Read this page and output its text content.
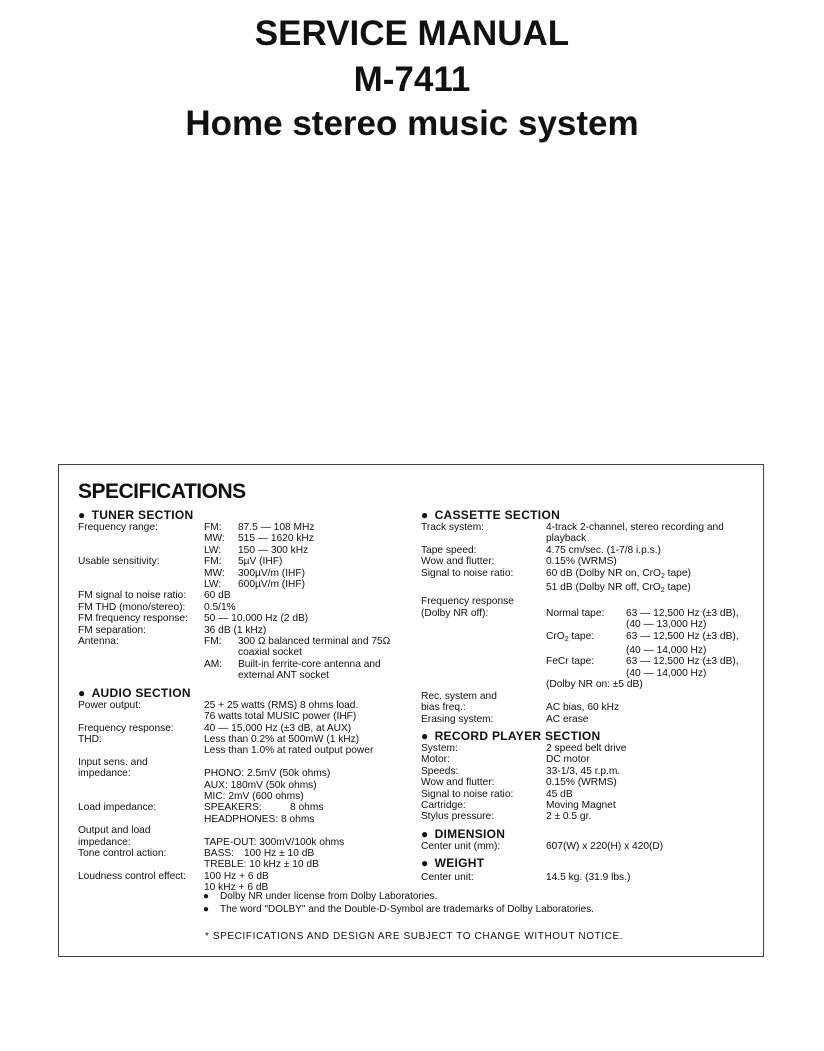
SERVICE MANUAL
M-7411
Home stereo music system
SPECIFICATIONS
● TUNER SECTION
Frequency range:	FM:	87.5 — 108 MHz
MW:	515 — 1620 kHz
LW:	150 — 300 kHz
Usable sensitivity:	FM:	5µV (IHF)
MW:	300µV/m (IHF)
LW:	600µV/m (IHF)
FM signal to noise ratio:	60 dB
FM THD (mono/stereo):	0.5/1%
FM frequency response:	50 — 10,000 Hz (2 dB)
FM separation:	36 dB (1 kHz)
Antenna:	FM:	300 Ω balanced terminal and 75Ω
coaxial socket
AM:	Built-in ferrite-core antenna and
external ANT socket
● AUDIO SECTION
Power output:	25 + 25 watts (RMS) 8 ohms load.
76 watts total MUSIC power (IHF)
Frequency response:	40 — 15,000 Hz (±3 dB, at AUX)
THD:	Less than 0.2% at 500mW (1 kHz)
Less than 1.0% at rated output power
Input sens. and
impedance:
	PHONO: 2.5mV (50k ohms)
AUX: 180mV (50k ohms)
MIC: 2mV (600 ohms)

Load impedance:
	SPEAKERS:	8 ohms
HEADPHONES: 8 ohms
Output and load
impedance:
	TAPE-OUT: 300mV/100k ohms
Tone control action:	BASS: 100 Hz ± 10 dB
TREBLE: 10 kHz ± 10 dB
Loudness control effect:	100 Hz + 6 dB
10 kHz + 6 dB
● CASSETTE SECTION
Track system:	4-track 2-channel, stereo recording and
playback
Tape speed:	4.75 cm/sec. (1-7/8 i.p.s.)
Wow and flutter:	0.15% (WRMS)
Signal to noise ratio:	60 dB (Dolby NR on, CrO$_2$ tape)
51 dB (Dolby NR off, CrO$_2$ tape)
Frequency response
(Dolby NR off):
	Normal tape:	63 — 12,500 Hz (±3 dB),
(40 — 13,000 Hz)
CrO$_2$ tape:	63 — 12,500 Hz (±3 dB),
(40 — 14,000 Hz)
FeCr tape:	63 — 12,500 Hz (±3 dB),
(40 — 14,000 Hz)
(Dolby NR on: ±5 dB)
Rec. system and
bias freq.:
	AC bias, 60 kHz
Erasing system:	AC erase
● RECORD PLAYER SECTION
System:	2 speed belt drive
Motor:	DC motor
Speeds:	33-1/3, 45 r.p.m.
Wow and flutter:	0.15% (WRMS)
Signal to noise ratio:	45 dB
Cartridge:	Moving Magnet
Stylus pressure:	2 ± 0.5 gr.
● DIMENSION
Center unit (mm):	607(W) x 220(H) x 420(D)
● WEIGHT
Center unit:	14.5 kg. (31.9 lbs.)
● Dolby NR under license from Dolby Laboratories.
● The word "DOLBY" and the Double-D-Symbol are trademarks of Dolby Laboratories.
* SPECIFICATIONS AND DESIGN ARE SUBJECT TO CHANGE WITHOUT NOTICE.
